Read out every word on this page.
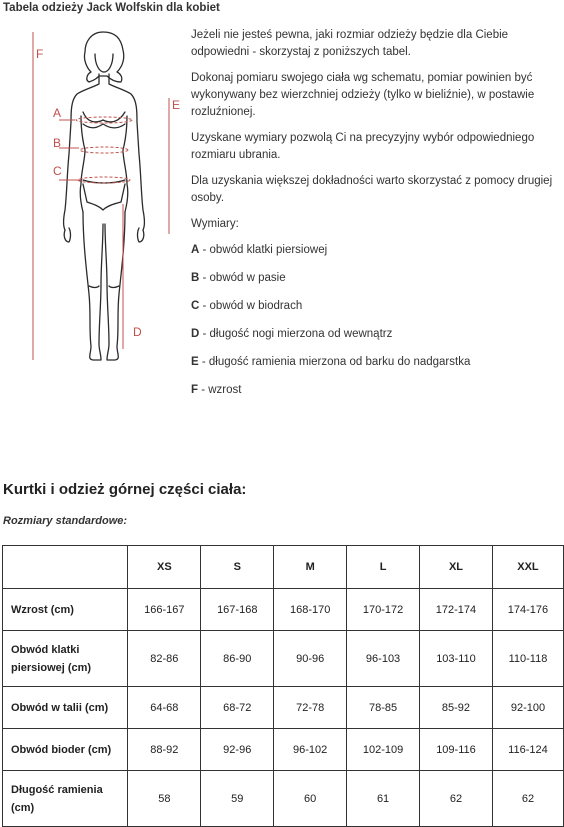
Tabela odzieży Jack Wolfskin dla kobiet
F
A
B
C
E
D

Jeżeli nie jesteś pewna, jaki rozmiar odzieży będzie dla Ciebie odpowiedni - skorzystaj z poniższych tabel.

Dokonaj pomiaru swojego ciała wg schematu, pomiar powinien być wykonywany bez wierzchniej odzieży (tylko w bieliźnie), w postawie rozluźnionej.

Uzyskane wymiary pozwolą Ci na precyzyjny wybór odpowiedniego rozmiaru ubrania.

Dla uzyskania większej dokładności warto skorzystać z pomocy drugiej osoby.

Wymiary:

A - obwód klatki piersiowej
B - obwód w pasie
C - obwód w biodrach
D - długość nogi mierzona od wewnątrz
E - długość ramienia mierzona od barku do nadgarstka
F - wzrost
Kurtki i odzież górnej części ciała:
Rozmiary standardowe:
	XS	S	M	L	XL	XXL
Wzrost (cm)	166-167	167-168	168-170	170-172	172-174	174-176
Obwód klatki piersiowej (cm)	82-86	86-90	90-96	96-103	103-110	110-118
Obwód w talii (cm)	64-68	68-72	72-78	78-85	85-92	92-100
Obwód bioder (cm)	88-92	92-96	96-102	102-109	109-116	116-124
Długość ramienia (cm)	58	59	60	61	62	62
